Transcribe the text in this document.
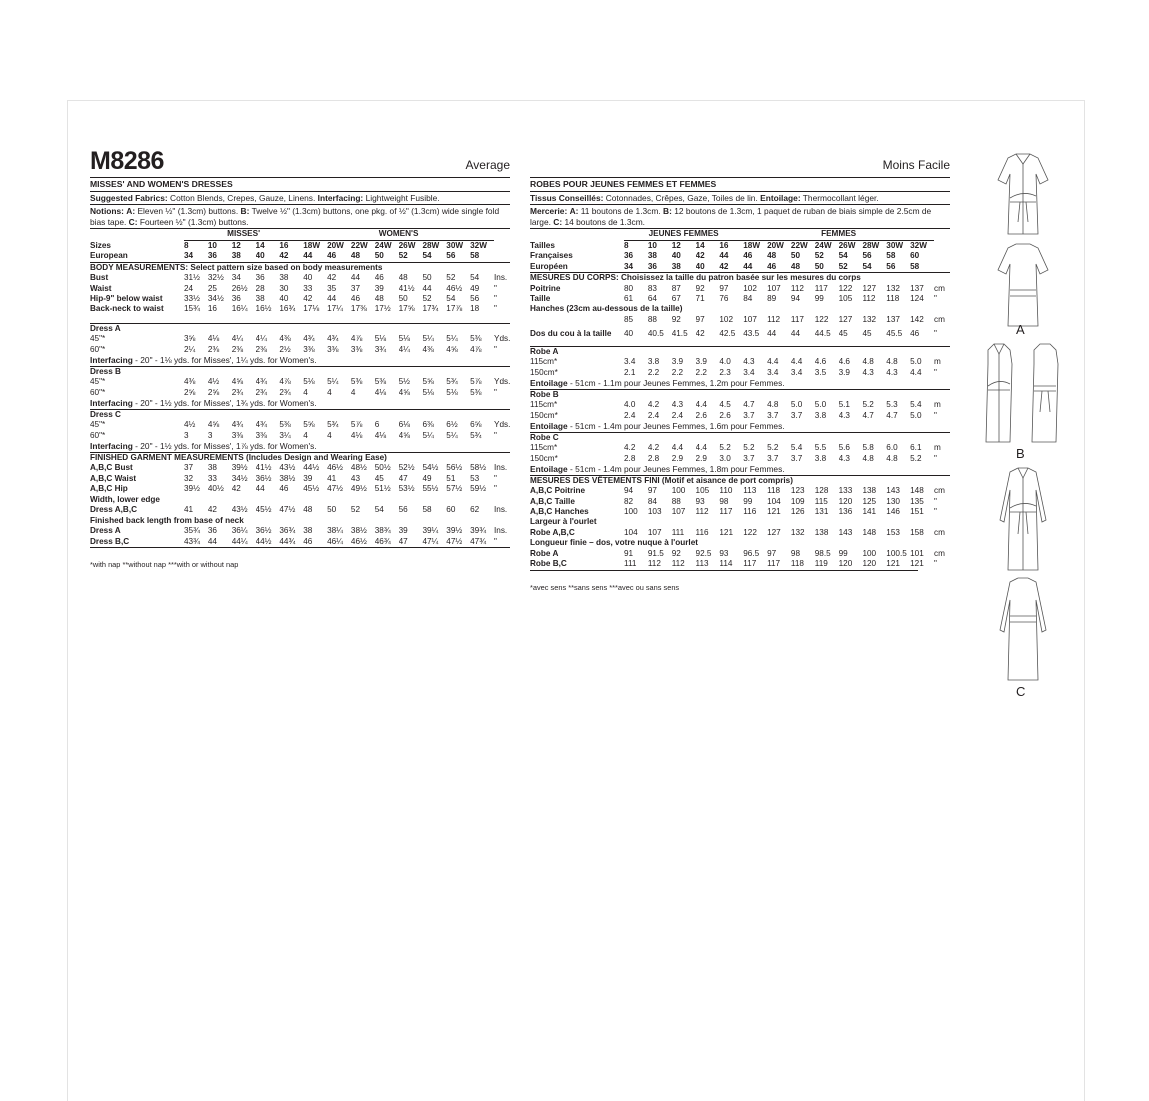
M8286	Average
MISSES' AND WOMEN'S DRESSES
Suggested Fabrics: Cotton Blends, Crepes, Gauze, Linens. Interfacing: Lightweight Fusible.
Notions: A: Eleven ½" (1.3cm) buttons. B: Twelve ½" (1.3cm) buttons, one pkg. of ½" (1.3cm) wide single fold bias tape. C: Fourteen ½" (1.3cm) buttons.
	MISSES'					WOMEN'S								
Sizes	8	10	12	14	16	18W	20W	22W	24W	26W	28W	30W	32W	
European	34	36	38	40	42	44	46	48	50	52	54	56	58	
BODY MEASUREMENTS: Select pattern size based on body measurements
Bust	31½	32½	34	36	38	40	42	44	46	48	50	52	54	Ins.
Waist	24	25	26½	28	30	33	35	37	39	41½	44	46½	49	"
Hip-9" below waist	33½	34½	36	38	40	42	44	46	48	50	52	54	56	"
Back-neck to waist	15¾	16	16¼	16½	16¾	17⅛	17¼	17⅜	17½	17⅝	17¾	17⅞	18	"
Dress A
45"*	3⅝	4⅛	4¼	4¼	4⅜	4¾	4¾	4⅞	5⅛	5⅛	5¼	5¼	5⅜	Yds.
60"*	2¼	2⅜	2⅜	2⅜	2½	3⅜	3⅜	3⅜	3¾	4¼	4⅜	4⅝	4⅞	"
Interfacing - 20" - 1⅛ yds. for Misses', 1¼ yds. for Women's.
Dress B
45"*	4⅜	4½	4⅝	4¾	4⅞	5⅛	5¼	5⅜	5⅜	5½	5⅝	5¾	5⅞	Yds.
60"*	2⅝	2⅝	2¾	2¾	2¾	4	4	4	4⅛	4⅝	5⅛	5⅛	5⅜	"
Interfacing - 20" - 1½ yds. for Misses', 1¾ yds. for Women's.
Dress C
45"*	4½	4⅝	4¾	4¾	5⅜	5⅝	5¾	5⅞	6	6⅛	6⅜	6½	6⅝	Yds.
60"*	3	3	3⅜	3⅜	3¼	4	4	4⅛	4⅛	4⅝	5¼	5¼	5¾	"
Interfacing - 20" - 1½ yds. for Misses', 1⅞ yds. for Women's.
FINISHED GARMENT MEASUREMENTS (Includes Design and Wearing Ease)
A,B,C Bust	37	38	39½	41½	43½	44½	46½	48½	50½	52½	54½	56½	58½	Ins.
A,B,C Waist	32	33	34½	36½	38½	39	41	43	45	47	49	51	53	"
A,B,C Hip	39½	40½	42	44	46	45½	47½	49½	51½	53½	55½	57½	59½	"
Width, lower edge
Dress A,B,C	41	42	43½	45½	47½	48	50	52	54	56	58	60	62	Ins.
Finished back length from base of neck
Dress A	35¾	36	36¼	36½	36¾	38	38¼	38½	38¾	39	39¼	39½	39¾	Ins.
Dress B,C	43¾	44	44¼	44½	44¾	46	46¼	46½	46¾	47	47¼	47½	47¾	"
*with nap **without nap ***with or without nap
Moins Facile
ROBES POUR JEUNES FEMMES ET FEMMES
Tissus Conseillés: Cotonnades, Crêpes, Gaze, Toiles de lin. Entoilage: Thermocollant léger.
Mercerie: A: 11 boutons de 1.3cm. B: 12 boutons de 1.3cm, 1 paquet de ruban de biais simple de 2.5cm de large. C: 14 boutons de 1.3cm.
	JEUNES FEMMES					FEMMES								
Tailles	8	10	12	14	16	18W	20W	22W	24W	26W	28W	30W	32W	
Françaises	36	38	40	42	44	46	48	50	52	54	56	58	60	
Européen	34	36	38	40	42	44	46	48	50	52	54	56	58	
MESURES DU CORPS: Choisissez la taille du patron basée sur les mesures du corps
Poitrine	80	83	87	92	97	102	107	112	117	122	127	132	137	cm
Taille	61	64	67	71	76	84	89	94	99	105	112	118	124	"
Hanches (23cm au-dessous de la taille)														
	85	88	92	97	102	107	112	117	122	127	132	137	142	cm

Dos du cou à la taille	40	40.5	41.5	42	42.5	43.5	44	44	44.5	45	45	45.5	46	"
Robe A
115cm*	3.4	3.8	3.9	3.9	4.0	4.3	4.4	4.4	4.6	4.6	4.8	4.8	5.0	m
150cm*	2.1	2.2	2.2	2.2	2.3	3.4	3.4	3.4	3.5	3.9	4.3	4.3	4.4	"
Entoilage - 51cm - 1.1m pour Jeunes Femmes, 1.2m pour Femmes.
Robe B
115cm*	4.0	4.2	4.3	4.4	4.5	4.7	4.8	5.0	5.0	5.1	5.2	5.3	5.4	m
150cm*	2.4	2.4	2.4	2.6	2.6	3.7	3.7	3.7	3.8	4.3	4.7	4.7	5.0	"
Entoilage - 51cm - 1.4m pour Jeunes Femmes, 1.6m pour Femmes.
Robe C
115cm*	4.2	4.2	4.4	4.4	5.2	5.2	5.2	5.4	5.5	5.6	5.8	6.0	6.1	m
150cm*	2.8	2.8	2.9	2.9	3.0	3.7	3.7	3.7	3.8	4.3	4.8	4.8	5.2	"
Entoilage - 51cm - 1.4m pour Jeunes Femmes, 1.8m pour Femmes.
MESURES DES VÊTEMENTS FINI (Motif et aisance de port compris)
A,B,C Poitrine	94	97	100	105	110	113	118	123	128	133	138	143	148	cm
A,B,C Taille	82	84	88	93	98	99	104	109	115	120	125	130	135	"
A,B,C Hanches	100	103	107	112	117	116	121	126	131	136	141	146	151	"
Largeur à l'ourlet
Robe A,B,C	104	107	111	116	121	122	127	132	138	143	148	153	158	cm
Longueur finie – dos, votre nuque à l'ourlet
Robe A	91	91.5	92	92.5	93	96.5	97	98	98.5	99	100	100.5	101	cm
Robe B,C	111	112	112	113	114	117	117	118	119	120	120	121	121	"
*avec sens **sans sens ***avec ou sans sens
A
B
C
